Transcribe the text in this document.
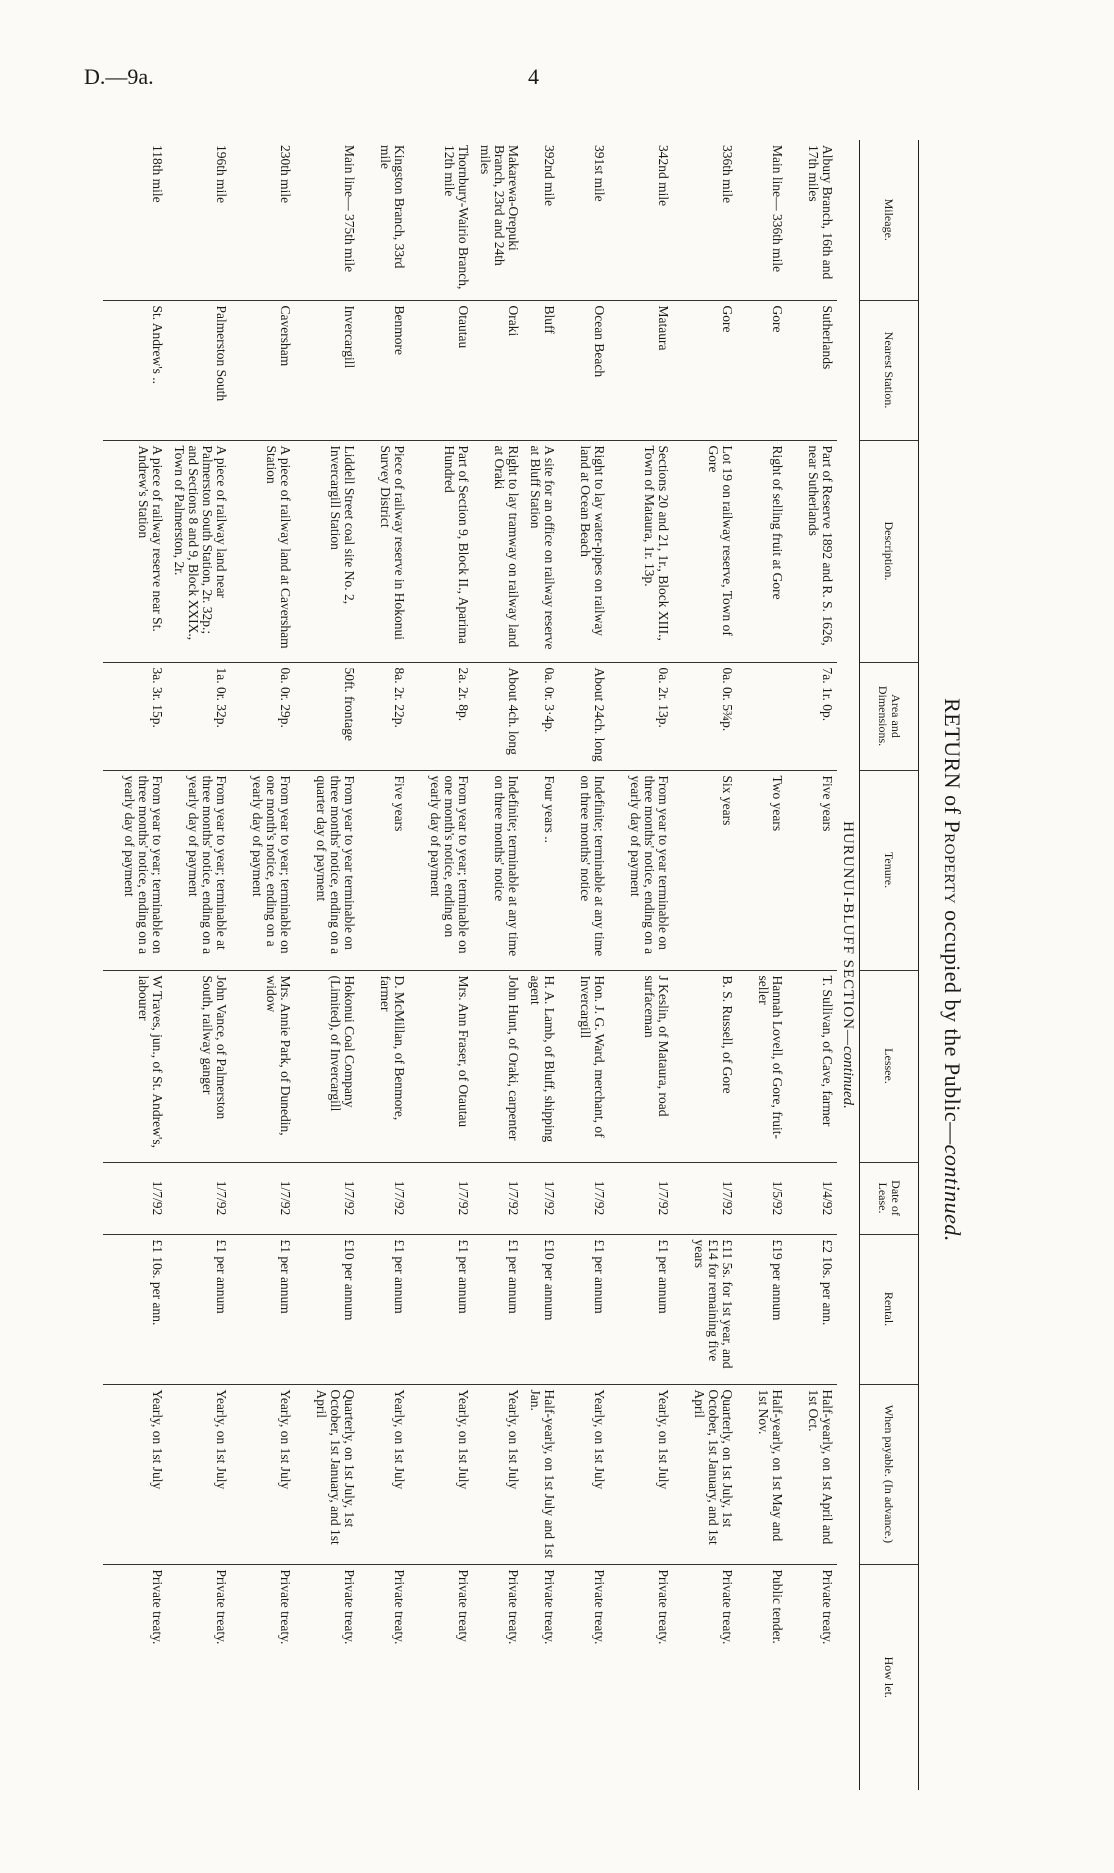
D.—9a.	4
RETURN of Property occupied by the Public—continued.
Mileage.	Nearest Station.	Description.	Area and Dimensions.	Tenure.	Lessee.	Date of Lease.	Rental.	When payable. (In advance.)	How let.
HURUNUI-BLUFF SECTION—continued.									
Albury Branch, 16th and 17th miles	Sutherlands	Part of Reserve 1892 and R. S. 1626, near Sutherlands	7a. 1r. 0p.	Five years	T. Sullivan, of Cave, farmer	1/4/92	£2 10s. per ann.	Half-yearly, on 1st April and 1st Oct.	Private treaty.
Main line— 336th mile	Gore	Right of selling fruit at Gore		Two years	Hannah Lovell, of Gore, fruit-seller	1/5/92	£19 per annum	Half-yearly, on 1st May and 1st Nov.	Public tender.
336th mile	Gore	Lot 19 on railway reserve, Town of Gore	0a. 0r. 5¾p.	Six years	B. S. Russell, of Gore	1/7/92	£11 5s. for 1st year, and £14 for remaining five years	Quarterly, on 1st July, 1st October, 1st January, and 1st April	Private treaty.
342nd mile	Mataura	Sections 20 and 21, 1r., Block XIII., Town of Mataura, 1r. 13p.	0a. 2r. 13p.	From year to year terminable on three months' notice, ending on a yearly day of payment	J Keslin, of Mataura, road surfaceman	1/7/92	£1 per annum	Yearly, on 1st July	Private treaty.
391st mile	Ocean Beach	Right to lay water-pipes on railway land at Ocean Beach	About 24ch. long	Indefinite; terminable at any time on three months' notice	Hon. J. G. Ward, merchant, of Invercargill	1/7/92	£1 per annum	Yearly, on 1st July	Private treaty.
392nd mile	Bluff	A site for an office on railway reserve at Bluff Station	0a. 0r. 3·4p.	Four years ..	H. A. Lamb, of Bluff, shipping agent	1/7/92	£10 per annum	Half-yearly, on 1st July and 1st Jan.	Private treaty.
Makarewa-Orepuki Branch, 23rd and 24th miles	Oraki	Right to lay tramway on railway land at Oraki	About 4ch. long	Indefinite; terminable at any time on three months' notice	John Hunt, of Oraki, carpenter	1/7/92	£1 per annum	Yearly, on 1st July	Private treaty.
Thornbury-Wairio Branch, 12th mile	Otautau	Part of Section 9, Block II., Aparima Hundred	2a. 2r. 8p.	From year to year; terminable on one month's notice, ending on yearly day of payment	Mrs. Ann Fraser, of Otautau	1/7/92	£1 per annum	Yearly, on 1st July	Private treaty
Kingston Branch, 33rd mile	Benmore	Piece of railway reserve in Hokonui Survey District	8a. 2r. 22p.	Five years	D. McMillan, of Benmore, farmer	1/7/92	£1 per annum	Yearly, on 1st July	Private treaty.
Main line— 375th mile	Invercargill	Liddell Street coal site No. 2, Invercargill Station	50ft. frontage	From year to year terminable on three months' notice, ending on a quarter day of payment	Hokonui Coal Company (Limited), of Invercargill	1/7/92	£10 per annum	Quarterly, on 1st July, 1st October, 1st January, and 1st April	Private treaty.
230th mile	Caversham	A piece of railway land at Caversham Station	0a. 0r. 29p.	From year to year; terminable on one month's notice, ending on a yearly day of payment	Mrs. Annie Park, of Dunedin, widow	1/7/92	£1 per annum	Yearly, on 1st July	Private treaty.
196th mile	Palmerston South	A piece of railway land near Palmerston South Station, 2r. 32p.; and Sections 8 and 9, Block XXIX., Town of Palmerston, 2r.	1a. 0r. 32p.	From year to year; terminable at three months' notice, ending on a yearly day of payment	John Vance, of Palmerston South, railway ganger	1/7/92	£1 per annum	Yearly, on 1st July	Private treaty.
118th mile	St. Andrew's ..	A piece of railway reserve near St. Andrew's Station	3a. 3r. 15p.	From year to year; terminable on three months' notice, ending on a yearly day of payment	W Traves, jun., of St. Andrew's, labourer	1/7/92	£1 10s. per ann.	Yearly, on 1st July	Private treaty.
